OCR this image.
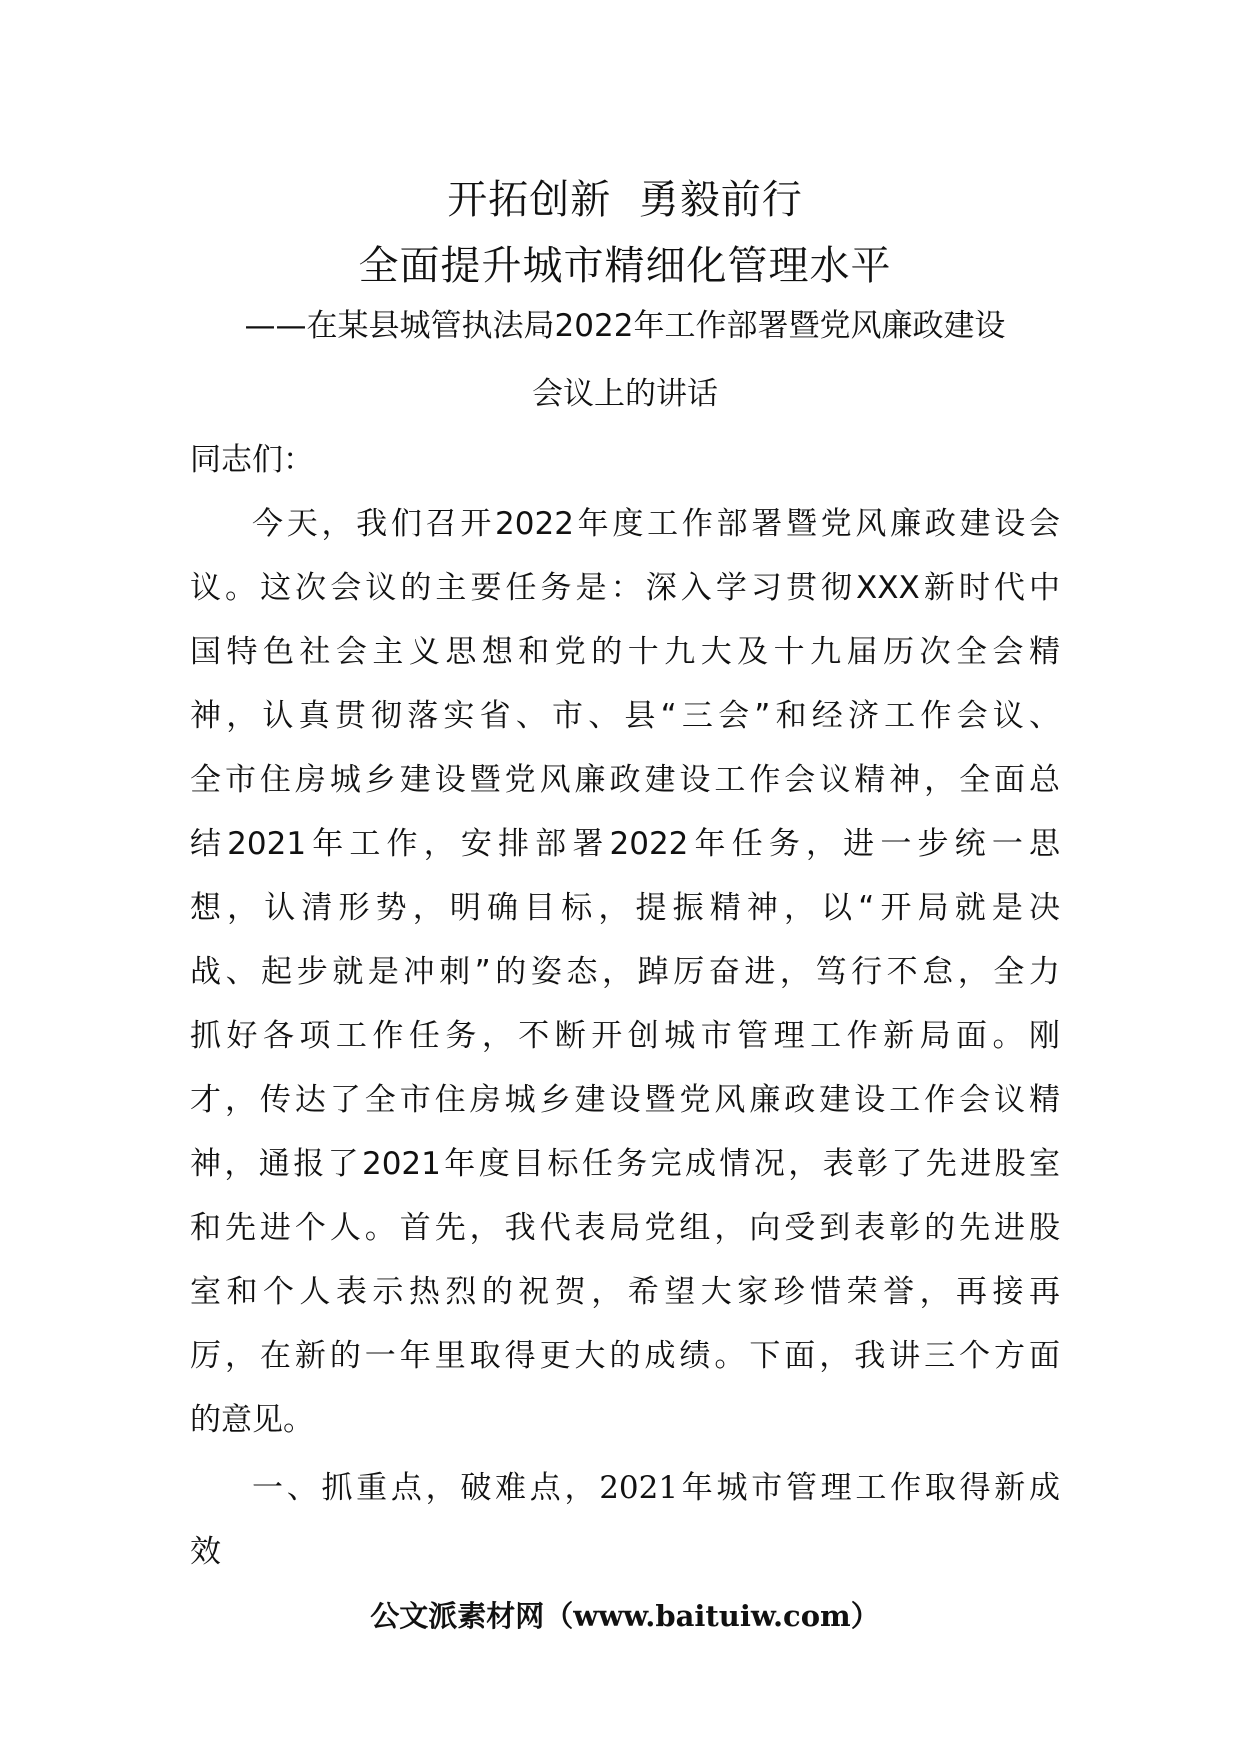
开拓创新  勇毅前行
全面提升城市精细化管理水平
——在某县城管执法局2022年工作部署暨党风廉政建设
会议上的讲话
同志们：
今天，我们召开2022年度工作部署暨党风廉政建设会
议。这次会议的主要任务是：深入学习贯彻XXX新时代中
国特色社会主义思想和党的十九大及十九届历次全会精
神，认真贯彻落实省、市、县“三会”和经济工作会议、
全市住房城乡建设暨党风廉政建设工作会议精神，全面总
结2021年工作，安排部署2022年任务，进一步统一思
想，认清形势，明确目标，提振精神，以“开局就是决
战、起步就是冲刺”的姿态，踔厉奋进，笃行不怠，全力
抓好各项工作任务，不断开创城市管理工作新局面。刚
才，传达了全市住房城乡建设暨党风廉政建设工作会议精
神，通报了2021年度目标任务完成情况，表彰了先进股室
和先进个人。首先，我代表局党组，向受到表彰的先进股
室和个人表示热烈的祝贺，希望大家珍惜荣誉，再接再
厉，在新的一年里取得更大的成绩。下面，我讲三个方面
的意见。
一、抓重点，破难点，2021年城市管理工作取得新成
效
公文派素材网（www.baituiw.com）
